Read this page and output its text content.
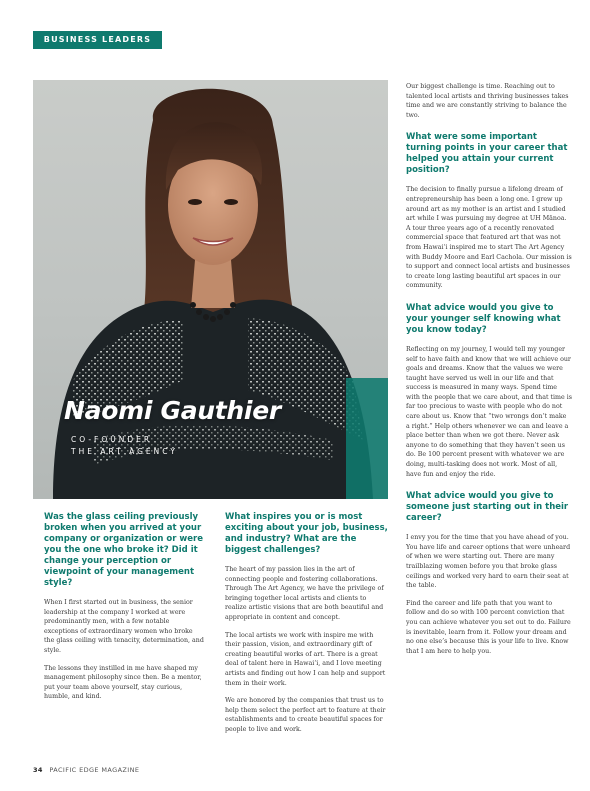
BUSINESS LEADERS Q&A
Naomi Gauthier
CO-FOUNDER
THE ART AGENCY

Was the glass ceiling previously broken when you arrived at your company or organization or were you the one who broke it? Did it change your perception or viewpoint of your management style?

When I first started out in business, the senior leadership at the company I worked at were predominantly men, with a few notable exceptions of extraordinary women who broke the glass ceiling with tenacity, determination, and style.

The lessons they instilled in me have shaped my management philosophy since then. Be a mentor, put your team above yourself, stay curious, humble, and kind.

What inspires you or is most exciting about your job, business, and industry? What are the biggest challenges?

The heart of my passion lies in the art of connecting people and fostering collaborations. Through The Art Agency, we have the privilege of bringing together local artists and clients to realize artistic visions that are both beautiful and appropriate in content and concept.

The local artists we work with inspire me with their passion, vision, and extraordinary gift of creating beautiful works of art. There is a great deal of talent here in Hawai‘i, and I love meeting artists and finding out how I can help and support them in their work.

We are honored by the companies that trust us to help them select the perfect art to feature at their establishments and to create beautiful spaces for people to live and work.

Our biggest challenge is time. Reaching out to talented local artists and thriving businesses takes time and we are constantly striving to balance the two.

What were some important turning points in your career that helped you attain your current position?

The decision to finally pursue a lifelong dream of entrepreneurship has been a long one. I grew up around art as my mother is an artist and I studied art while I was pursuing my degree at UH Mānoa. A tour three years ago of a recently renovated commercial space that featured art that was not from Hawai‘i inspired me to start The Art Agency with Buddy Moore and Earl Cachola. Our mission is to support and connect local artists and businesses to create long lasting beautiful art spaces in our community.

What advice would you give to your younger self knowing what you know today?

Reflecting on my journey, I would tell my younger self to have faith and know that we will achieve our goals and dreams. Know that the values we were taught have served us well in our life and that success is measured in many ways. Spend time with the people that we care about, and that time is far too precious to waste with people who do not care about us. Know that “two wrongs don’t make a right.” Help others whenever we can and leave a place better than when we got there. Never ask anyone to do something that they haven’t seen us do. Be 100 percent present with whatever we are doing, multi-tasking does not work. Most of all, have fun and enjoy the ride.

What advice would you give to someone just starting out in their career?

I envy you for the time that you have ahead of you. You have life and career options that were unheard of when we were starting out. There are many trailblazing women before you that broke glass ceilings and worked very hard to earn their seat at the table.

Find the career and life path that you want to follow and do so with 100 percent conviction that you can achieve whatever you set out to do. Failure is inevitable, learn from it. Follow your dream and no one else’s because this is your life to live. Know that I am here to help you.

34 PACIFIC EDGE MAGAZINE
